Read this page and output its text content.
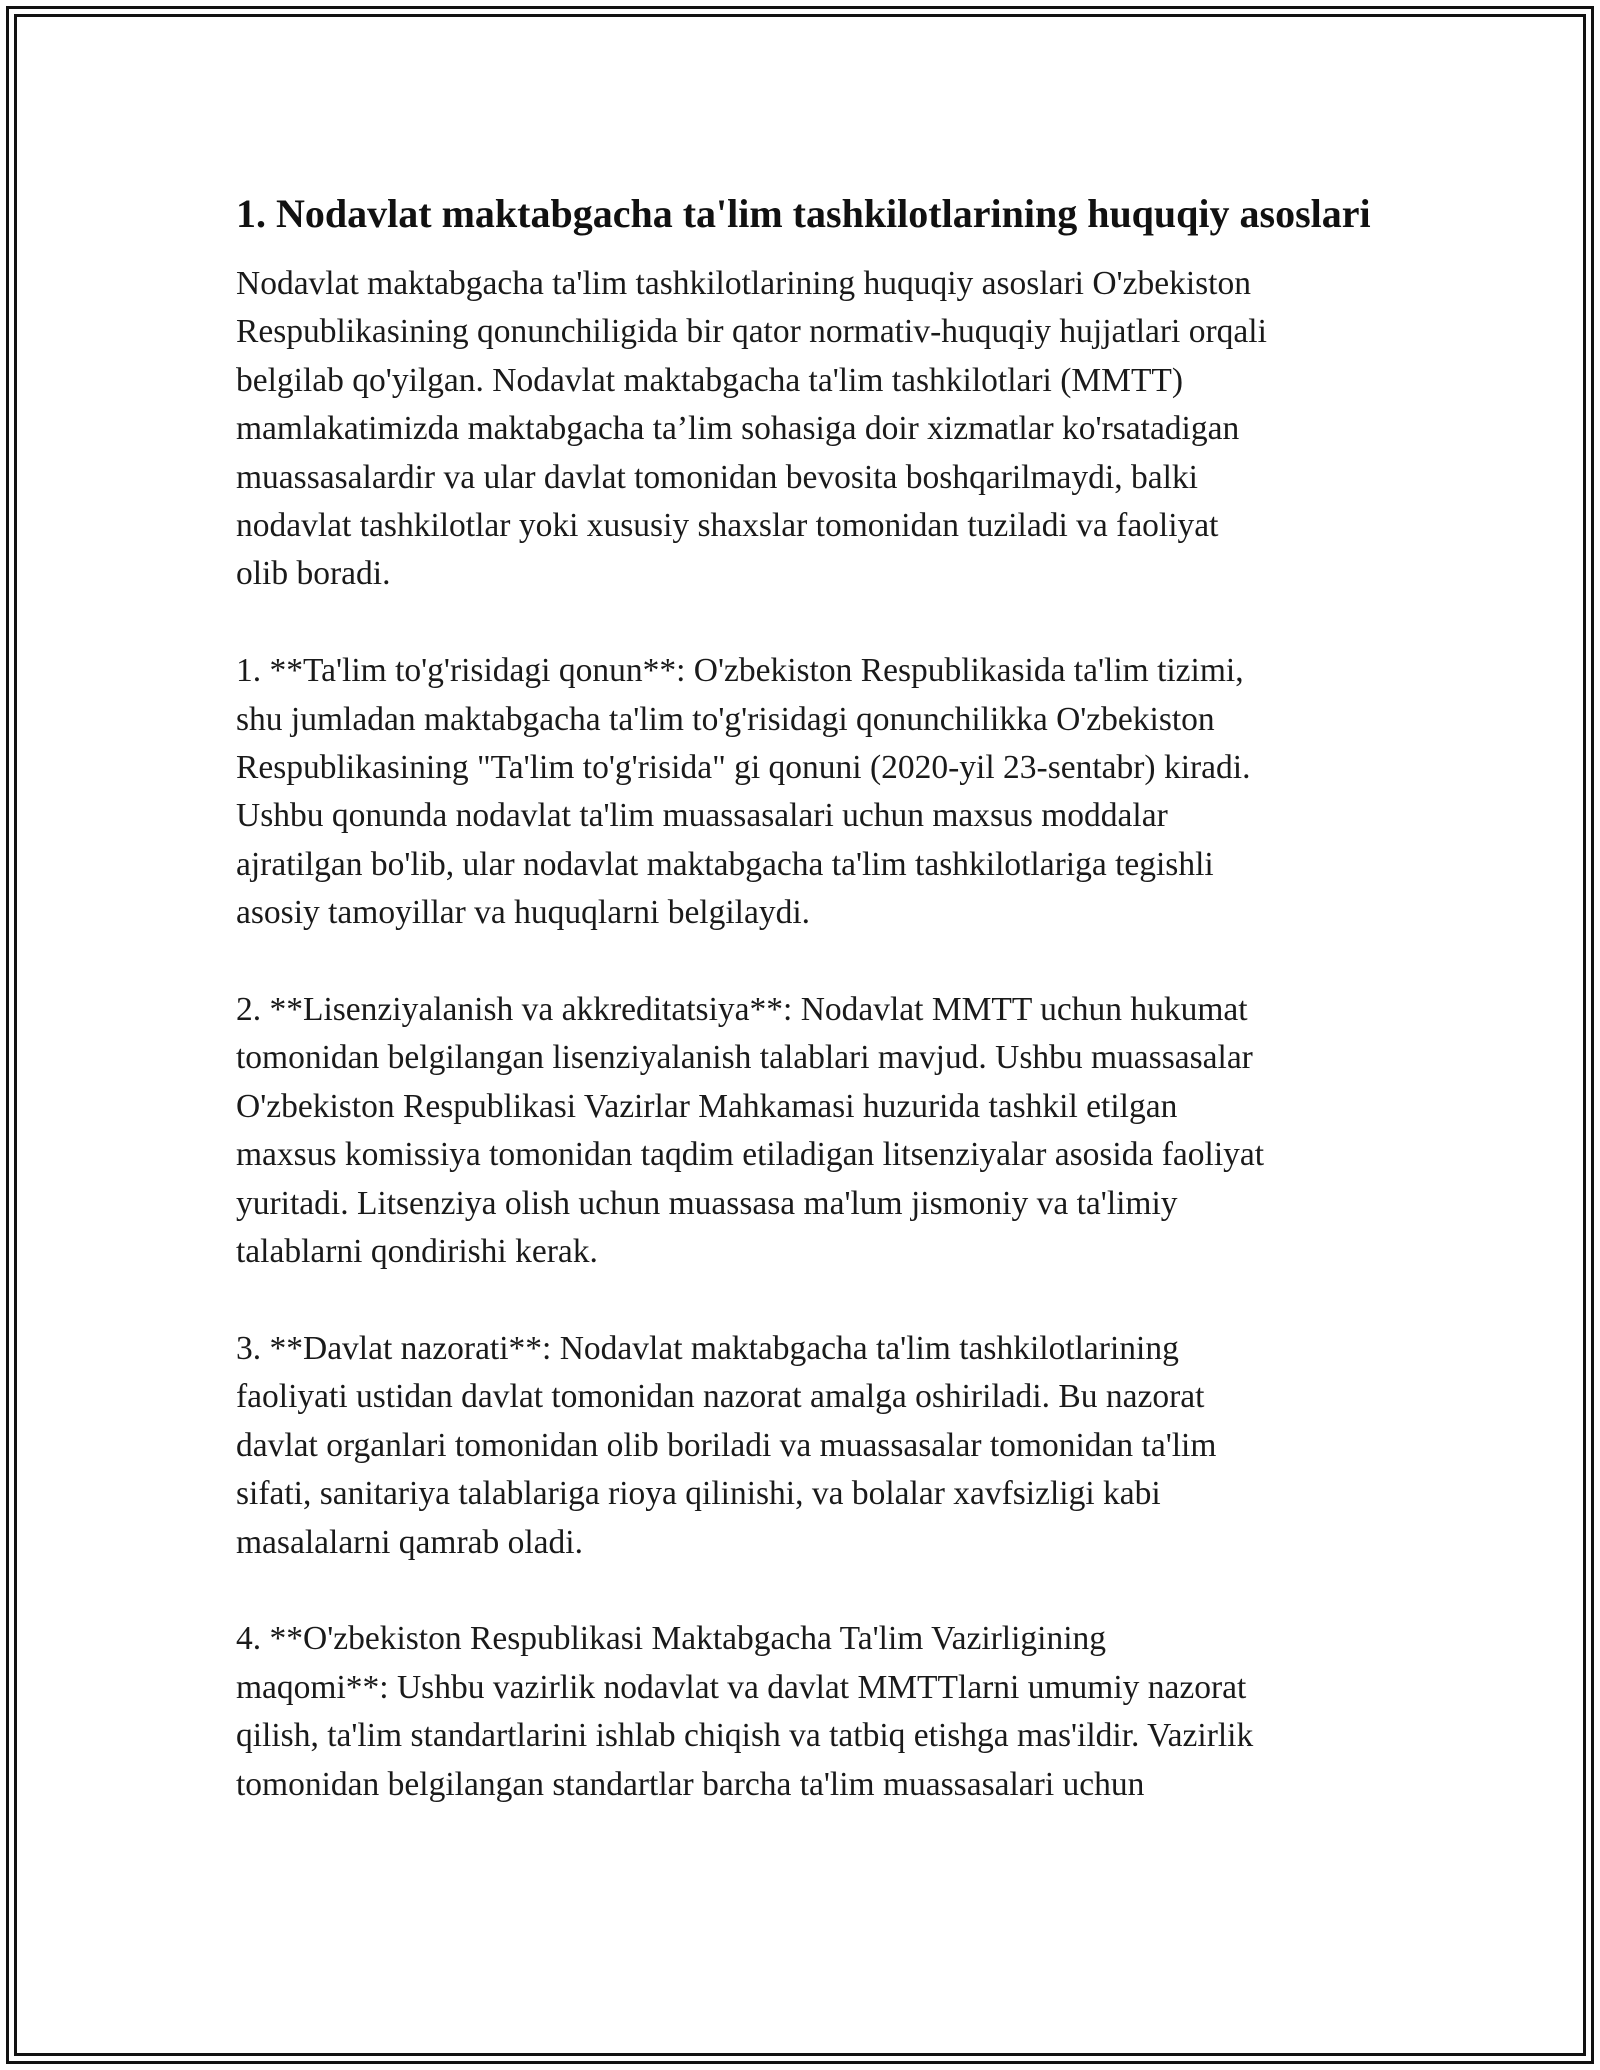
1. Nodavlat maktabgacha ta'lim tashkilotlarining huquqiy asoslari

Nodavlat maktabgacha ta'lim tashkilotlarining huquqiy asoslari O'zbekiston
Respublikasining qonunchiligida bir qator normativ-huquqiy hujjatlari orqali
belgilab qo'yilgan. Nodavlat maktabgacha ta'lim tashkilotlari (MMTT)
mamlakatimizda maktabgacha ta’lim sohasiga doir xizmatlar ko'rsatadigan
muassasalardir va ular davlat tomonidan bevosita boshqarilmaydi, balki
nodavlat tashkilotlar yoki xususiy shaxslar tomonidan tuziladi va faoliyat
olib boradi.

1. **Ta'lim to'g'risidagi qonun**: O'zbekiston Respublikasida ta'lim tizimi,
shu jumladan maktabgacha ta'lim to'g'risidagi qonunchilikka O'zbekiston
Respublikasining "Ta'lim to'g'risida" gi qonuni (2020-yil 23-sentabr) kiradi.
Ushbu qonunda nodavlat ta'lim muassasalari uchun maxsus moddalar
ajratilgan bo'lib, ular nodavlat maktabgacha ta'lim tashkilotlariga tegishli
asosiy tamoyillar va huquqlarni belgilaydi.

2. **Lisenziyalanish va akkreditatsiya**: Nodavlat MMTT uchun hukumat
tomonidan belgilangan lisenziyalanish talablari mavjud. Ushbu muassasalar
O'zbekiston Respublikasi Vazirlar Mahkamasi huzurida tashkil etilgan
maxsus komissiya tomonidan taqdim etiladigan litsenziyalar asosida faoliyat
yuritadi. Litsenziya olish uchun muassasa ma'lum jismoniy va ta'limiy
talablarni qondirishi kerak.

3. **Davlat nazorati**: Nodavlat maktabgacha ta'lim tashkilotlarining
faoliyati ustidan davlat tomonidan nazorat amalga oshiriladi. Bu nazorat
davlat organlari tomonidan olib boriladi va muassasalar tomonidan ta'lim
sifati, sanitariya talablariga rioya qilinishi, va bolalar xavfsizligi kabi
masalalarni qamrab oladi.

4. **O'zbekiston Respublikasi Maktabgacha Ta'lim Vazirligining
maqomi**: Ushbu vazirlik nodavlat va davlat MMTTlarni umumiy nazorat
qilish, ta'lim standartlarini ishlab chiqish va tatbiq etishga mas'ildir. Vazirlik
tomonidan belgilangan standartlar barcha ta'lim muassasalari uchun
